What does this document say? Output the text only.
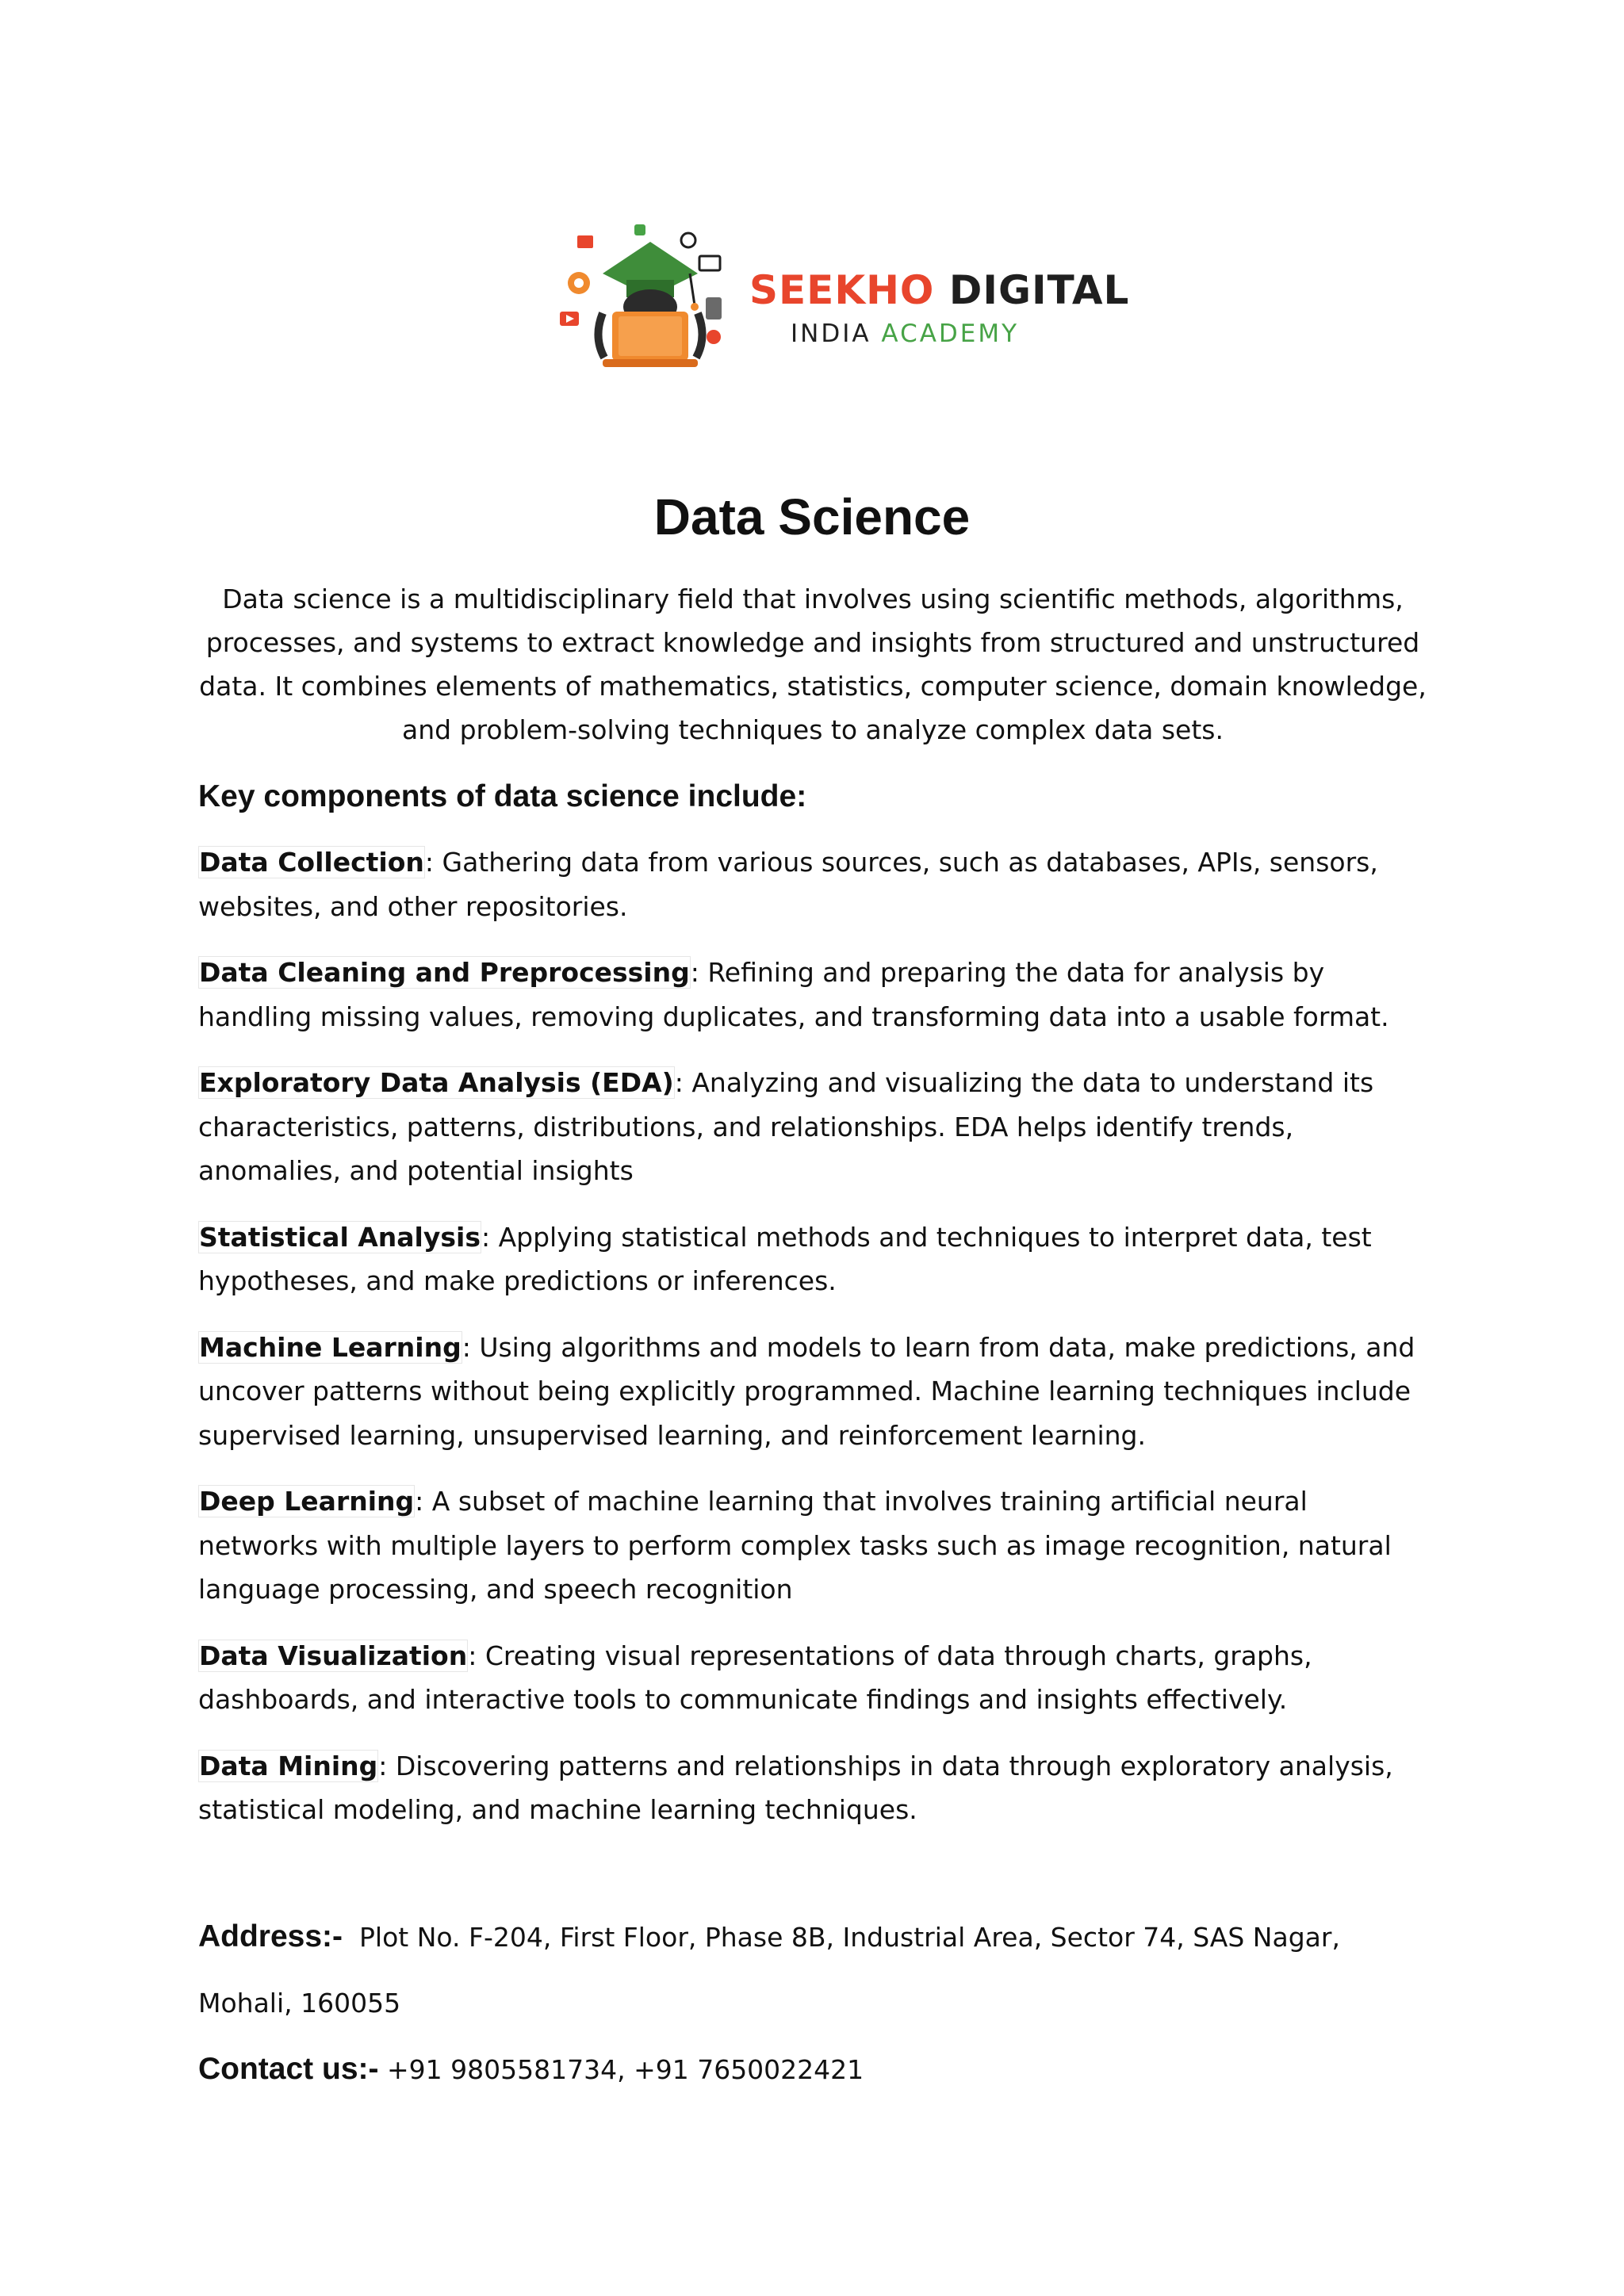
SEEKHO DIGITAL
INDIA ACADEMY
Data Science

Data science is a multidisciplinary field that involves using scientific methods, algorithms, processes, and systems to extract knowledge and insights from structured and unstructured data. It combines elements of mathematics, statistics, computer science, domain knowledge, and problem-solving techniques to analyze complex data sets.

Key components of data science include:
Data Collection: Gathering data from various sources, such as databases, APIs, sensors, websites, and other repositories.
Data Cleaning and Preprocessing: Refining and preparing the data for analysis by handling missing values, removing duplicates, and transforming data into a usable format.
Exploratory Data Analysis (EDA): Analyzing and visualizing the data to understand its characteristics, patterns, distributions, and relationships. EDA helps identify trends, anomalies, and potential insights
Statistical Analysis: Applying statistical methods and techniques to interpret data, test hypotheses, and make predictions or inferences.
Machine Learning: Using algorithms and models to learn from data, make predictions, and uncover patterns without being explicitly programmed. Machine learning techniques include supervised learning, unsupervised learning, and reinforcement learning.
Deep Learning: A subset of machine learning that involves training artificial neural networks with multiple layers to perform complex tasks such as image recognition, natural language processing, and speech recognition
Data Visualization: Creating visual representations of data through charts, graphs, dashboards, and interactive tools to communicate findings and insights effectively.
Data Mining: Discovering patterns and relationships in data through exploratory analysis, statistical modeling, and machine learning techniques.

Address:- Plot No. F-204, First Floor, Phase 8B, Industrial Area, Sector 74, SAS Nagar,

Mohali, 160055

Contact us:- +91 9805581734, +91 7650022421
